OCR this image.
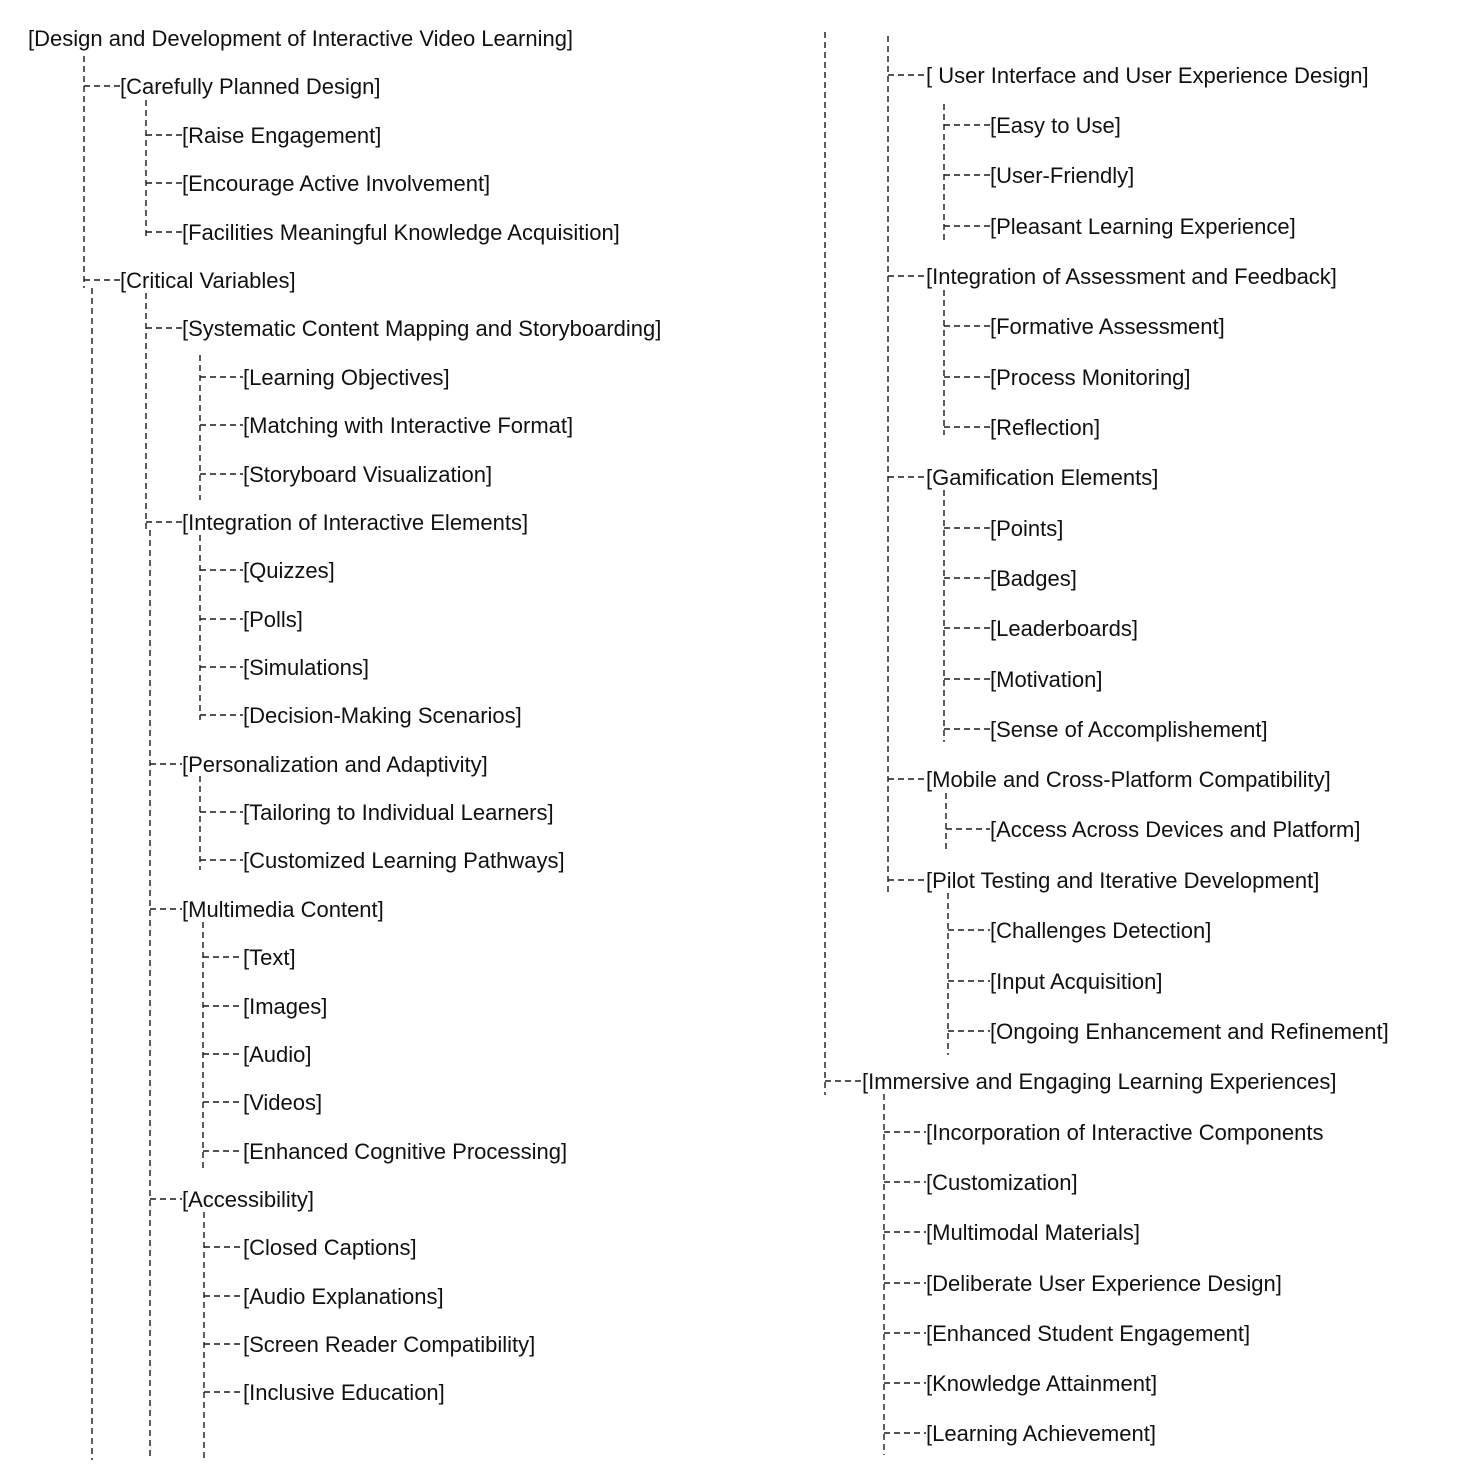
[Design and Development of Interactive Video Learning]
[Carefully Planned Design]
[Raise Engagement]
[Encourage Active Involvement]
[Facilities Meaningful Knowledge Acquisition]
[Critical Variables]
[Systematic Content Mapping and Storyboarding]
[Learning Objectives]
[Matching with Interactive Format]
[Storyboard Visualization]
[Integration of Interactive Elements]
[Quizzes]
[Polls]
[Simulations]
[Decision-Making Scenarios]
[Personalization and Adaptivity]
[Tailoring to Individual Learners]
[Customized Learning Pathways]
[Multimedia Content]
[Text]
[Images]
[Audio]
[Videos]
[Enhanced Cognitive Processing]
[Accessibility]
[Closed Captions]
[Audio Explanations]
[Screen Reader Compatibility]
[Inclusive Education]
[ User Interface and User Experience Design]
[Easy to Use]
[User-Friendly]
[Pleasant Learning Experience]
[Integration of Assessment and Feedback]
[Formative Assessment]
[Process Monitoring]
[Reflection]
[Gamification Elements]
[Points]
[Badges]
[Leaderboards]
[Motivation]
[Sense of Accomplishement]
[Mobile and Cross-Platform Compatibility]
[Access Across Devices and Platform]
[Pilot Testing and Iterative Development]
[Challenges Detection]
[Input Acquisition]
[Ongoing Enhancement and Refinement]
[Immersive and Engaging Learning Experiences]
[Incorporation of Interactive Components
[Customization]
[Multimodal Materials]
[Deliberate User Experience Design]
[Enhanced Student Engagement]
[Knowledge Attainment]
[Learning Achievement]
